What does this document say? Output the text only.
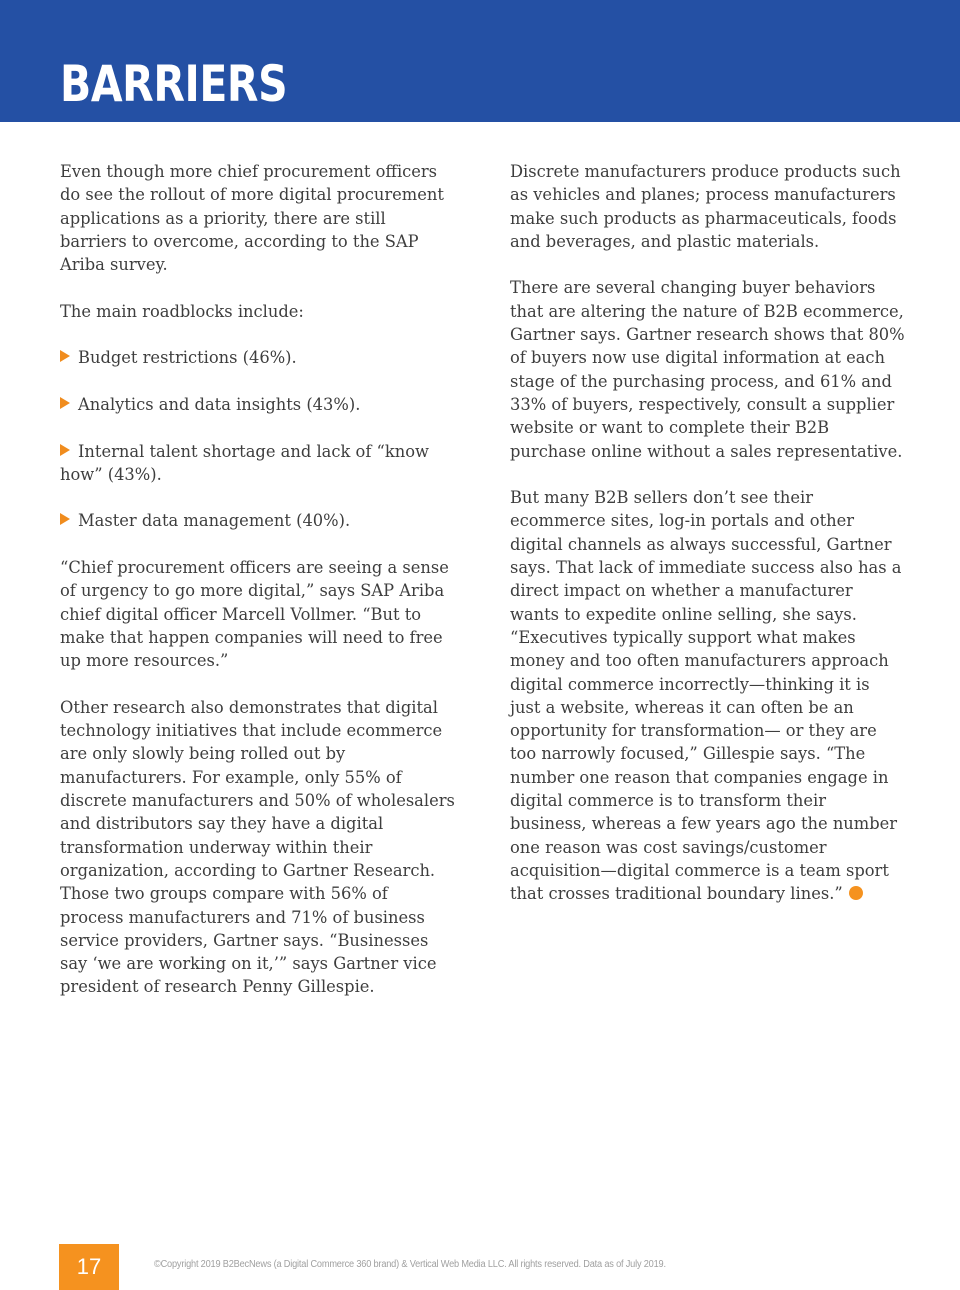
BARRIERS

Even though more chief procurement officers do see the rollout of more digital procurement applications as a priority, there are still barriers to overcome, according to the SAP Ariba survey.

The main roadblocks include:

Budget restrictions (46%).
Analytics and data insights (43%).
Internal talent shortage and lack of “know how” (43%).
Master data management (40%).

“Chief procurement officers are seeing a sense of urgency to go more digital,” says SAP Ariba chief digital officer Marcell Vollmer. “But to make that happen companies will need to free up more resources.”

Other research also demonstrates that digital technology initiatives that include ecommerce are only slowly being rolled out by manufacturers. For example, only 55% of discrete manufacturers and 50% of wholesalers and distributors say they have a digital transformation underway within their organization, according to Gartner Research. Those two groups compare with 56% of process manufacturers and 71% of business service providers, Gartner says. “Businesses say ‘we are working on it,’” says Gartner vice president of research Penny Gillespie.

Discrete manufacturers produce products such as vehicles and planes; process manufacturers make such products as pharmaceuticals, foods and beverages, and plastic materials.

There are several changing buyer behaviors that are altering the nature of B2B ecommerce, Gartner says. Gartner research shows that 80% of buyers now use digital information at each stage of the purchasing process, and 61% and 33% of buyers, respectively, consult a supplier website or want to complete their B2B purchase online without a sales representative.

But many B2B sellers don’t see their ecommerce sites, log-in portals and other digital channels as always successful, Gartner says. That lack of immediate success also has a direct impact on whether a manufacturer wants to expedite online selling, she says. “Executives typically support what makes money and too often manufacturers approach digital commerce incorrectly—thinking it is just a website, whereas it can often be an opportunity for transformation— or they are too narrowly focused,” Gillespie says. “The number one reason that companies engage in digital commerce is to transform their business, whereas a few years ago the number one reason was cost savings/customer acquisition—digital commerce is a team sport that crosses traditional boundary lines.”

17	©Copyright 2019 B2BecNews (a Digital Commerce 360 brand) & Vertical Web Media LLC. All rights reserved. Data as of July 2019.
